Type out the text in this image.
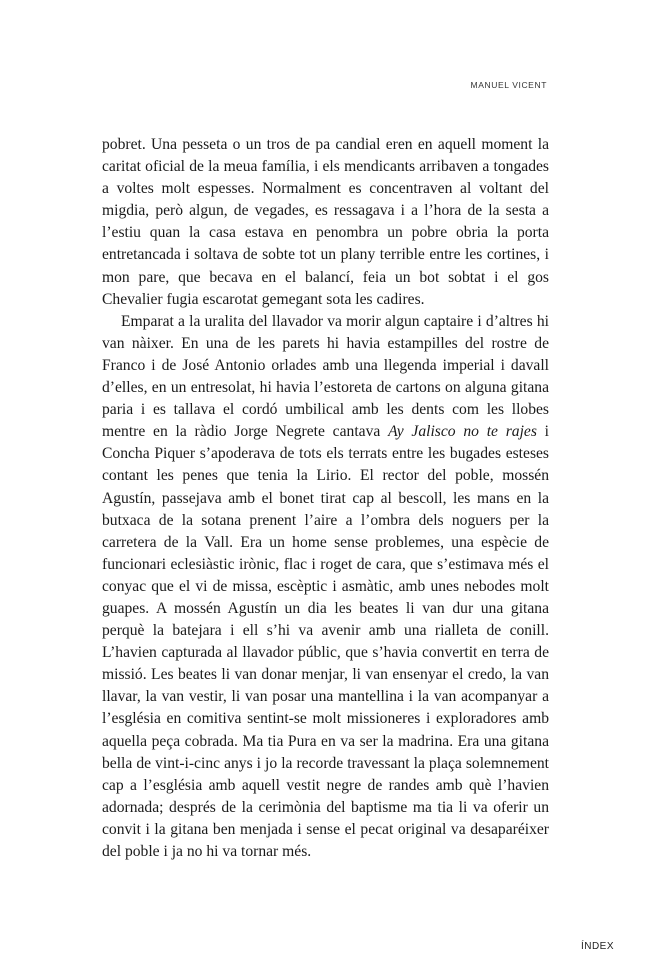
MANUEL VICENT

pobret. Una pesseta o un tros de pa candial eren en aquell moment la caritat oficial de la meua família, i els mendicants arribaven a tongades a voltes molt espesses. Normalment es concentraven al voltant del migdia, però algun, de vegades, es ressagava i a l’hora de la sesta a l’estiu quan la casa estava en penombra un pobre obria la porta entretancada i soltava de sobte tot un plany terrible entre les cortines, i mon pare, que becava en el balancí, feia un bot sobtat i el gos Chevalier fugia escarotat gemegant sota les cadires.

Emparat a la uralita del llavador va morir algun captaire i d’altres hi van nàixer. En una de les parets hi havia estampilles del rostre de Franco i de José Antonio orlades amb una llegenda imperial i davall d’elles, en un entresolat, hi havia l’estoreta de cartons on alguna gitana paria i es tallava el cordó umbilical amb les dents com les llobes mentre en la ràdio Jorge Negrete cantava Ay Jalisco no te rajes i Concha Piquer s’apoderava de tots els terrats entre les bugades esteses contant les penes que tenia la Lirio. El rector del poble, mossén Agustín, passejava amb el bonet tirat cap al bescoll, les mans en la butxaca de la sotana prenent l’aire a l’ombra dels noguers per la carretera de la Vall. Era un home sense problemes, una espècie de funcionari eclesiàstic irònic, flac i roget de cara, que s’estimava més el conyac que el vi de missa, escèptic i asmàtic, amb unes nebodes molt guapes. A mossén Agustín un dia les beates li van dur una gitana perquè la batejara i ell s’hi va avenir amb una rialleta de conill. L’havien capturada al llavador públic, que s’havia convertit en terra de missió. Les beates li van donar menjar, li van ensenyar el credo, la van llavar, la van vestir, li van posar una mantellina i la van acompanyar a l’església en comitiva sentint-se molt missioneres i exploradores amb aquella peça cobrada. Ma tia Pura en va ser la madrina. Era una gitana bella de vint-i-cinc anys i jo la recorde travessant la plaça solemnement cap a l’església amb aquell vestit negre de randes amb què l’havien adornada; després de la cerimònia del baptisme ma tia li va oferir un convit i la gitana ben menjada i sense el pecat original va desaparéixer del poble i ja no hi va tornar més.

ÍNDEX
